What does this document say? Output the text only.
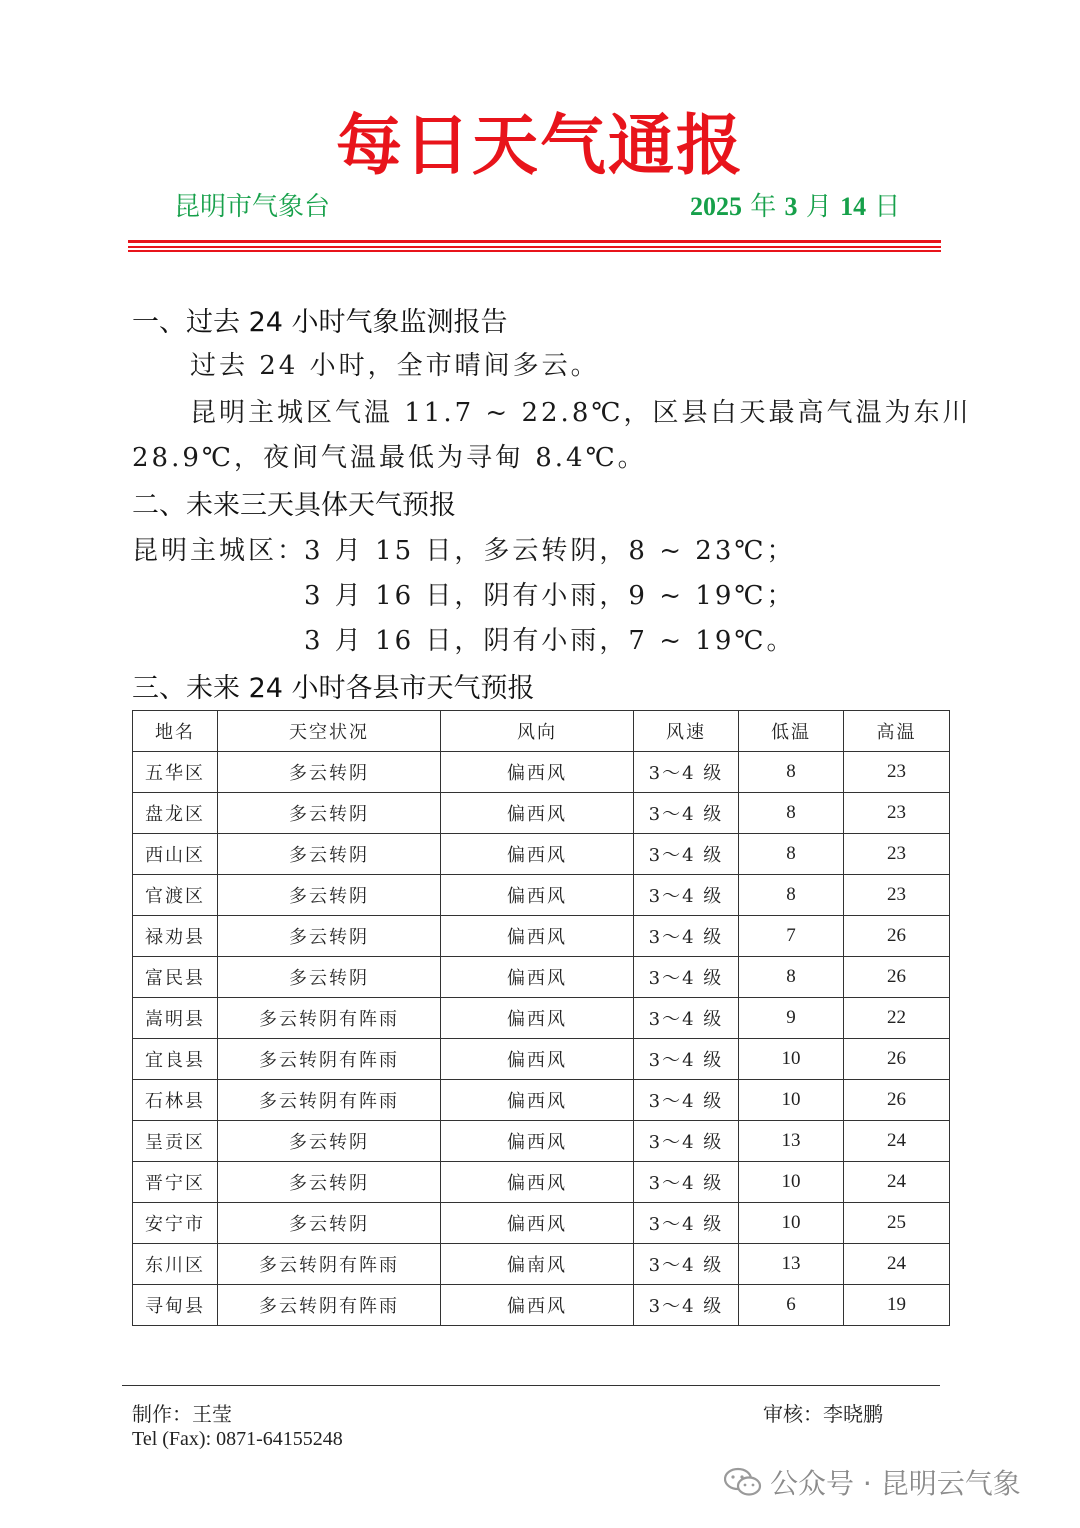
每日天气通报
昆明市气象台	2025 年 3 月 14 日
一、过去 24 小时气象监测报告
过去 24 小时，全市晴间多云。
昆明主城区气温 11.7 ~ 22.8℃，区县白天最高气温为东川
28.9℃，夜间气温最低为寻甸 8.4℃。
二、未来三天具体天气预报
昆明主城区：
3 月 15 日，多云转阴，8 ~ 23℃；
3 月 16 日，阴有小雨，9 ~ 19℃；
3 月 16 日，阴有小雨，7 ~ 19℃。
三、未来 24 小时各县市天气预报
地名	天空状况	风向	风速	低温	高温
五华区	多云转阴	偏西风	3～4 级	8	23
盘龙区	多云转阴	偏西风	3～4 级	8	23
西山区	多云转阴	偏西风	3～4 级	8	23
官渡区	多云转阴	偏西风	3～4 级	8	23
禄劝县	多云转阴	偏西风	3～4 级	7	26
富民县	多云转阴	偏西风	3～4 级	8	26
嵩明县	多云转阴有阵雨	偏西风	3～4 级	9	22
宜良县	多云转阴有阵雨	偏西风	3～4 级	10	26
石林县	多云转阴有阵雨	偏西风	3～4 级	10	26
呈贡区	多云转阴	偏西风	3～4 级	13	24
晋宁区	多云转阴	偏西风	3～4 级	10	24
安宁市	多云转阴	偏西风	3～4 级	10	25
东川区	多云转阴有阵雨	偏南风	3～4 级	13	24
寻甸县	多云转阴有阵雨	偏西风	3～4 级	6	19
制作：王莹	审核：李晓鹏
Tel (Fax): 0871-64155248
公众号 · 昆明云气象
